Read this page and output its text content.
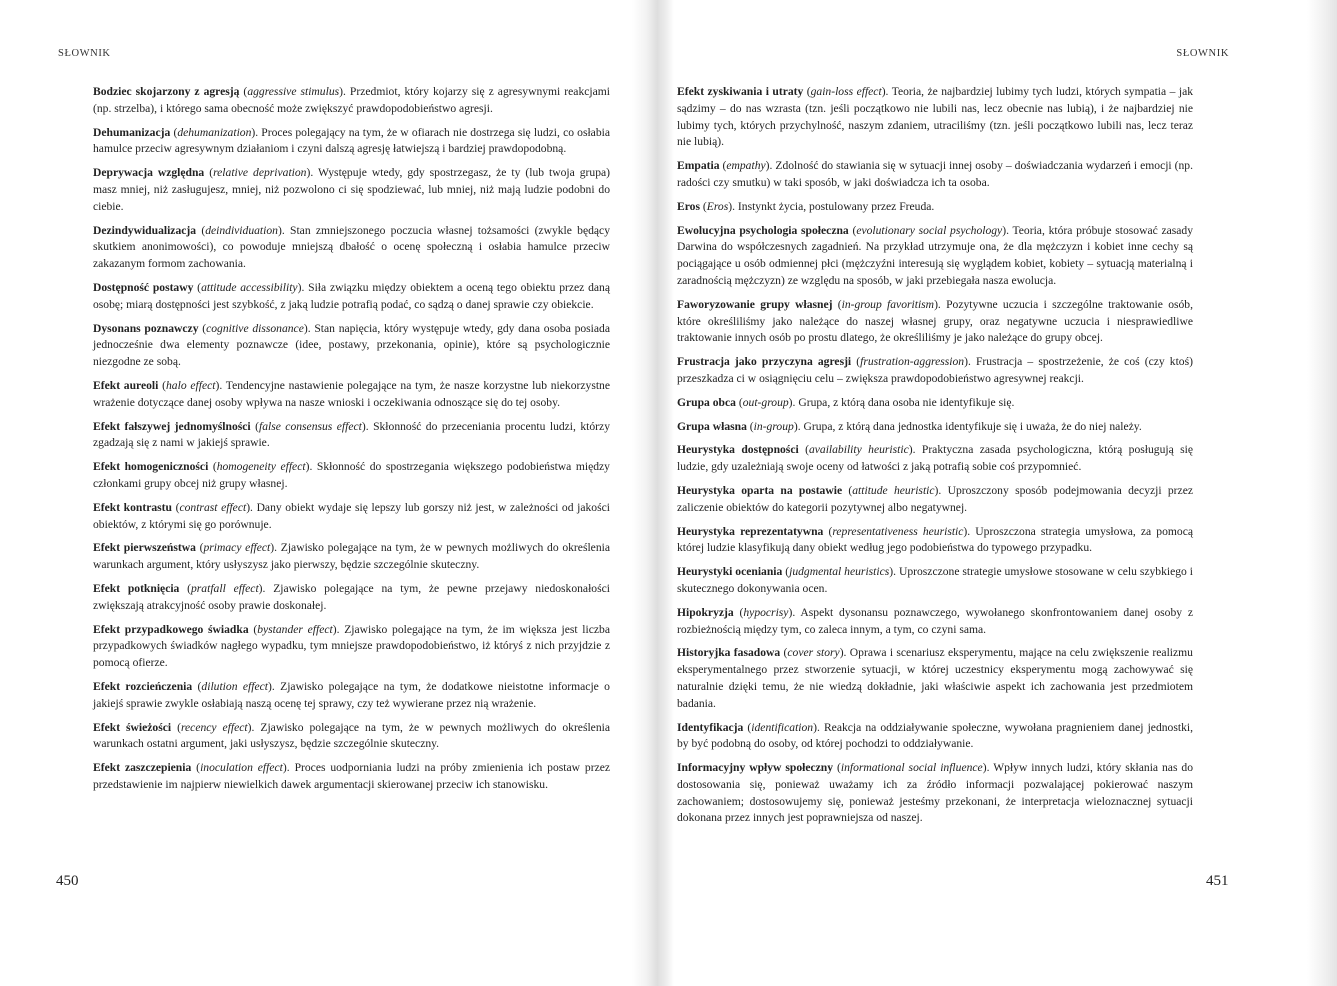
SŁOWNIK

Bodziec skojarzony z agresją (aggressive stimulus). Przedmiot, który kojarzy się z agresywnymi reakcjami (np. strzelba), i którego sama obecność może zwiększyć prawdopodobieństwo agresji.

Dehumanizacja (dehumanization). Proces polegający na tym, że w ofiarach nie dostrzega się ludzi, co osłabia hamulce przeciw agresywnym działaniom i czyni dalszą agresję łatwiejszą i bardziej prawdopodobną.

Deprywacja względna (relative deprivation). Występuje wtedy, gdy spostrzegasz, że ty (lub twoja grupa) masz mniej, niż zasługujesz, mniej, niż pozwolono ci się spodziewać, lub mniej, niż mają ludzie podobni do ciebie.

Dezindywidualizacja (deindividuation). Stan zmniejszonego poczucia własnej tożsamości (zwykle będący skutkiem anonimowości), co powoduje mniejszą dbałość o ocenę społeczną i osłabia hamulce przeciw zakazanym formom zachowania.

Dostępność postawy (attitude accessibility). Siła związku między obiektem a oceną tego obiektu przez daną osobę; miarą dostępności jest szybkość, z jaką ludzie potrafią podać, co sądzą o danej sprawie czy obiekcie.

Dysonans poznawczy (cognitive dissonance). Stan napięcia, który występuje wtedy, gdy dana osoba posiada jednocześnie dwa elementy poznawcze (idee, postawy, przekonania, opinie), które są psychologicznie niezgodne ze sobą.

Efekt aureoli (halo effect). Tendencyjne nastawienie polegające na tym, że nasze korzystne lub niekorzystne wrażenie dotyczące danej osoby wpływa na nasze wnioski i oczekiwania odnoszące się do tej osoby.

Efekt fałszywej jednomyślności (false consensus effect). Skłonność do przeceniania procentu ludzi, którzy zgadzają się z nami w jakiejś sprawie.

Efekt homogeniczności (homogeneity effect). Skłonność do spostrzegania większego podobieństwa między członkami grupy obcej niż grupy własnej.

Efekt kontrastu (contrast effect). Dany obiekt wydaje się lepszy lub gorszy niż jest, w zależności od jakości obiektów, z którymi się go porównuje.

Efekt pierwszeństwa (primacy effect). Zjawisko polegające na tym, że w pewnych możliwych do określenia warunkach argument, który usłyszysz jako pierwszy, będzie szczególnie skuteczny.

Efekt potknięcia (pratfall effect). Zjawisko polegające na tym, że pewne przejawy niedoskonałości zwiększają atrakcyjność osoby prawie doskonałej.

Efekt przypadkowego świadka (bystander effect). Zjawisko polegające na tym, że im większa jest liczba przypadkowych świadków nagłego wypadku, tym mniejsze prawdopodobieństwo, iż któryś z nich przyjdzie z pomocą ofierze.

Efekt rozcieńczenia (dilution effect). Zjawisko polegające na tym, że dodatkowe nieistotne informacje o jakiejś sprawie zwykle osłabiają naszą ocenę tej sprawy, czy też wywierane przez nią wrażenie.

Efekt świeżości (recency effect). Zjawisko polegające na tym, że w pewnych możliwych do określenia warunkach ostatni argument, jaki usłyszysz, będzie szczególnie skuteczny.

Efekt zaszczepienia (inoculation effect). Proces uodporniania ludzi na próby zmienienia ich postaw przez przedstawienie im najpierw niewielkich dawek argumentacji skierowanej przeciw ich stanowisku.

450
SŁOWNIK

Efekt zyskiwania i utraty (gain-loss effect). Teoria, że najbardziej lubimy tych ludzi, których sympatia – jak sądzimy – do nas wzrasta (tzn. jeśli początkowo nie lubili nas, lecz obecnie nas lubią), i że najbardziej nie lubimy tych, których przychylność, naszym zdaniem, utraciliśmy (tzn. jeśli początkowo lubili nas, lecz teraz nie lubią).

Empatia (empathy). Zdolność do stawiania się w sytuacji innej osoby – doświadczania wydarzeń i emocji (np. radości czy smutku) w taki sposób, w jaki doświadcza ich ta osoba.

Eros (Eros). Instynkt życia, postulowany przez Freuda.

Ewolucyjna psychologia społeczna (evolutionary social psychology). Teoria, która próbuje stosować zasady Darwina do współczesnych zagadnień. Na przykład utrzymuje ona, że dla mężczyzn i kobiet inne cechy są pociągające u osób odmiennej płci (mężczyźni interesują się wyglądem kobiet, kobiety – sytuacją materialną i zaradnością mężczyzn) ze względu na sposób, w jaki przebiegała nasza ewolucja.

Faworyzowanie grupy własnej (in-group favoritism). Pozytywne uczucia i szczególne traktowanie osób, które określiliśmy jako należące do naszej własnej grupy, oraz negatywne uczucia i niesprawiedliwe traktowanie innych osób po prostu dlatego, że określiliśmy je jako należące do grupy obcej.

Frustracja jako przyczyna agresji (frustration-aggression). Frustracja – spostrzeżenie, że coś (czy ktoś) przeszkadza ci w osiągnięciu celu – zwiększa prawdopodobieństwo agresywnej reakcji.

Grupa obca (out-group). Grupa, z którą dana osoba nie identyfikuje się.

Grupa własna (in-group). Grupa, z którą dana jednostka identyfikuje się i uważa, że do niej należy.

Heurystyka dostępności (availability heuristic). Praktyczna zasada psychologiczna, którą posługują się ludzie, gdy uzależniają swoje oceny od łatwości z jaką potrafią sobie coś przypomnieć.

Heurystyka oparta na postawie (attitude heuristic). Uproszczony sposób podejmowania decyzji przez zaliczenie obiektów do kategorii pozytywnej albo negatywnej.

Heurystyka reprezentatywna (representativeness heuristic). Uproszczona strategia umysłowa, za pomocą której ludzie klasyfikują dany obiekt według jego podobieństwa do typowego przypadku.

Heurystyki oceniania (judgmental heuristics). Uproszczone strategie umysłowe stosowane w celu szybkiego i skutecznego dokonywania ocen.

Hipokryzja (hypocrisy). Aspekt dysonansu poznawczego, wywołanego skonfrontowaniem danej osoby z rozbieżnością między tym, co zaleca innym, a tym, co czyni sama.

Historyjka fasadowa (cover story). Oprawa i scenariusz eksperymentu, mające na celu zwiększenie realizmu eksperymentalnego przez stworzenie sytuacji, w której uczestnicy eksperymentu mogą zachowywać się naturalnie dzięki temu, że nie wiedzą dokładnie, jaki właściwie aspekt ich zachowania jest przedmiotem badania.

Identyfikacja (identification). Reakcja na oddziaływanie społeczne, wywołana pragnieniem danej jednostki, by być podobną do osoby, od której pochodzi to oddziaływanie.

Informacyjny wpływ społeczny (informational social influence). Wpływ innych ludzi, który skłania nas do dostosowania się, ponieważ uważamy ich za źródło informacji pozwalającej pokierować naszym zachowaniem; dostosowujemy się, ponieważ jesteśmy przekonani, że interpretacja wieloznacznej sytuacji dokonana przez innych jest poprawniejsza od naszej.

451
